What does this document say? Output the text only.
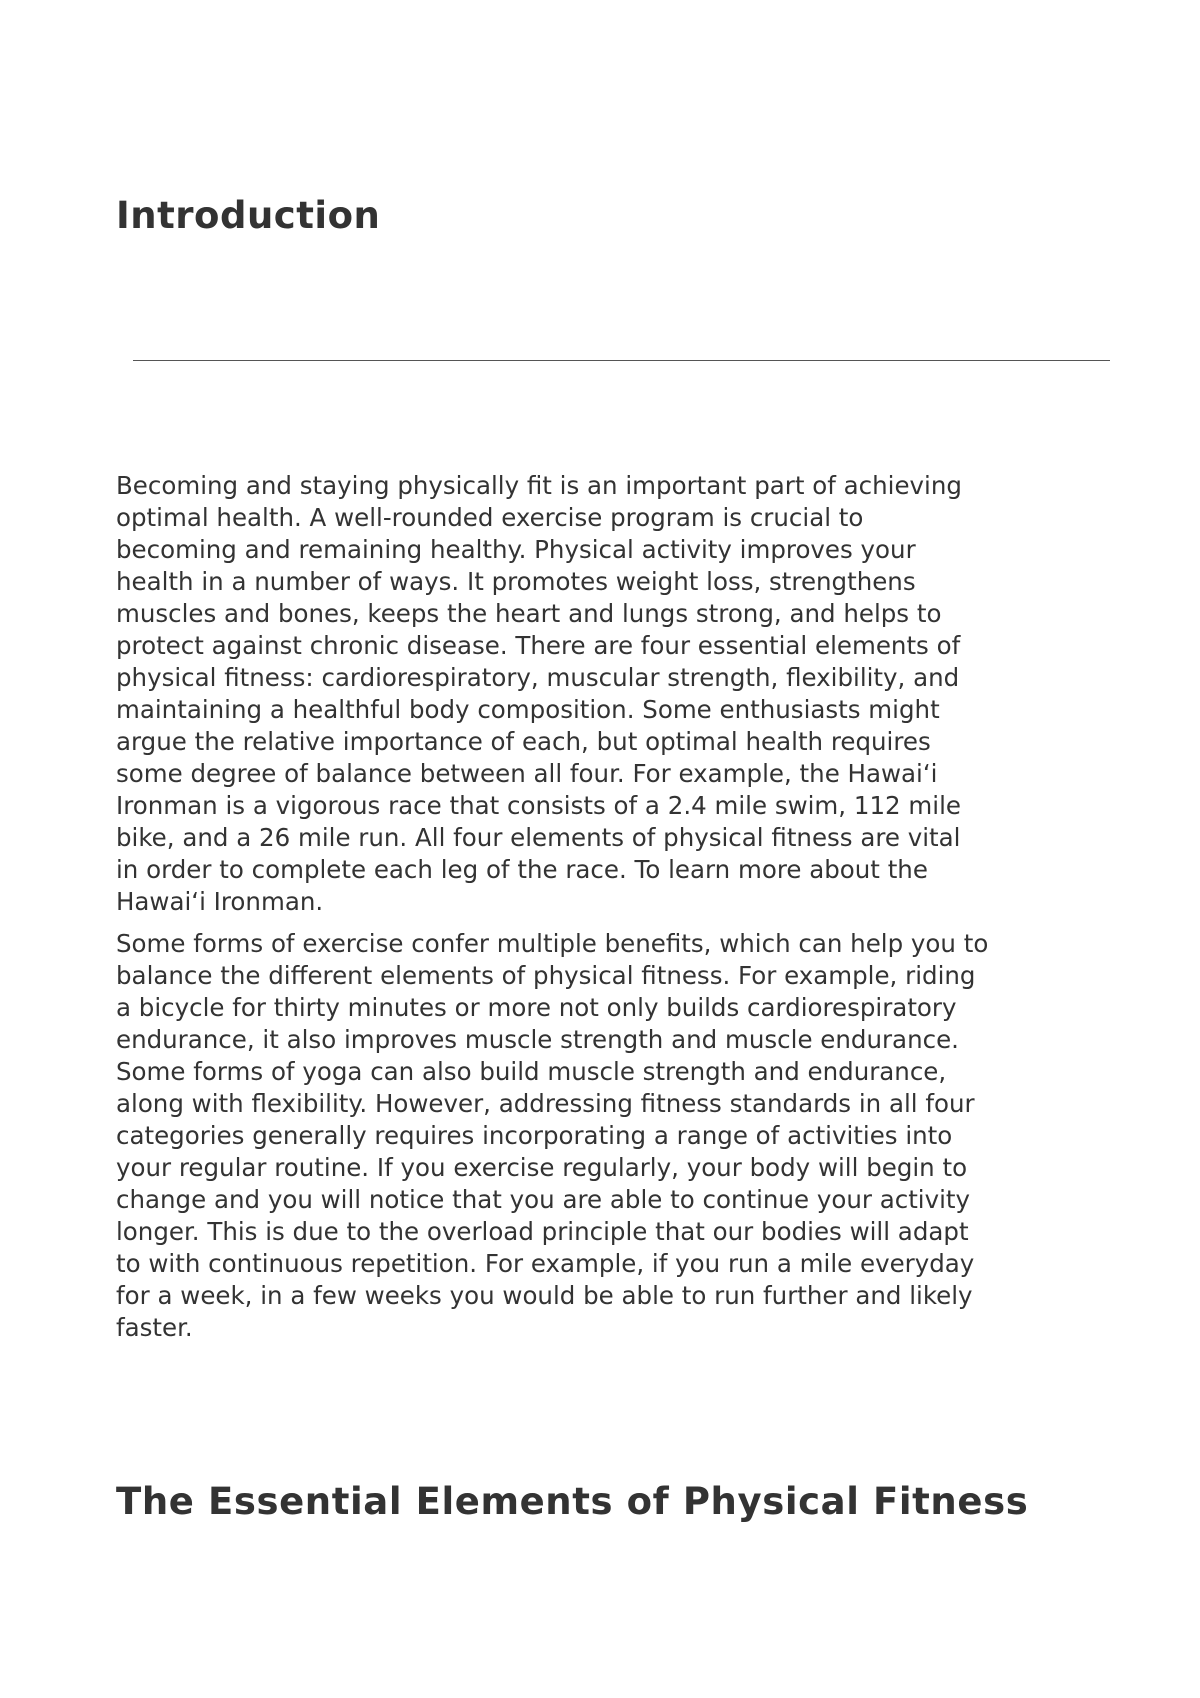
Introduction

Becoming and staying physically fit is an important part of achieving
optimal health. A well-rounded exercise program is crucial to
becoming and remaining healthy. Physical activity improves your
health in a number of ways. It promotes weight loss, strengthens
muscles and bones, keeps the heart and lungs strong, and helps to
protect against chronic disease. There are four essential elements of
physical fitness: cardiorespiratory, muscular strength, flexibility, and
maintaining a healthful body composition. Some enthusiasts might
argue the relative importance of each, but optimal health requires
some degree of balance between all four. For example, the Hawai‘i
Ironman is a vigorous race that consists of a 2.4 mile swim, 112 mile
bike, and a 26 mile run. All four elements of physical fitness are vital
in order to complete each leg of the race. To learn more about the
Hawai‘i Ironman.

Some forms of exercise confer multiple benefits, which can help you to
balance the different elements of physical fitness. For example, riding
a bicycle for thirty minutes or more not only builds cardiorespiratory
endurance, it also improves muscle strength and muscle endurance.
Some forms of yoga can also build muscle strength and endurance,
along with flexibility. However, addressing fitness standards in all four
categories generally requires incorporating a range of activities into
your regular routine. If you exercise regularly, your body will begin to
change and you will notice that you are able to continue your activity
longer. This is due to the overload principle that our bodies will adapt
to with continuous repetition. For example, if you run a mile everyday
for a week, in a few weeks you would be able to run further and likely
faster.

The Essential Elements of Physical Fitness
